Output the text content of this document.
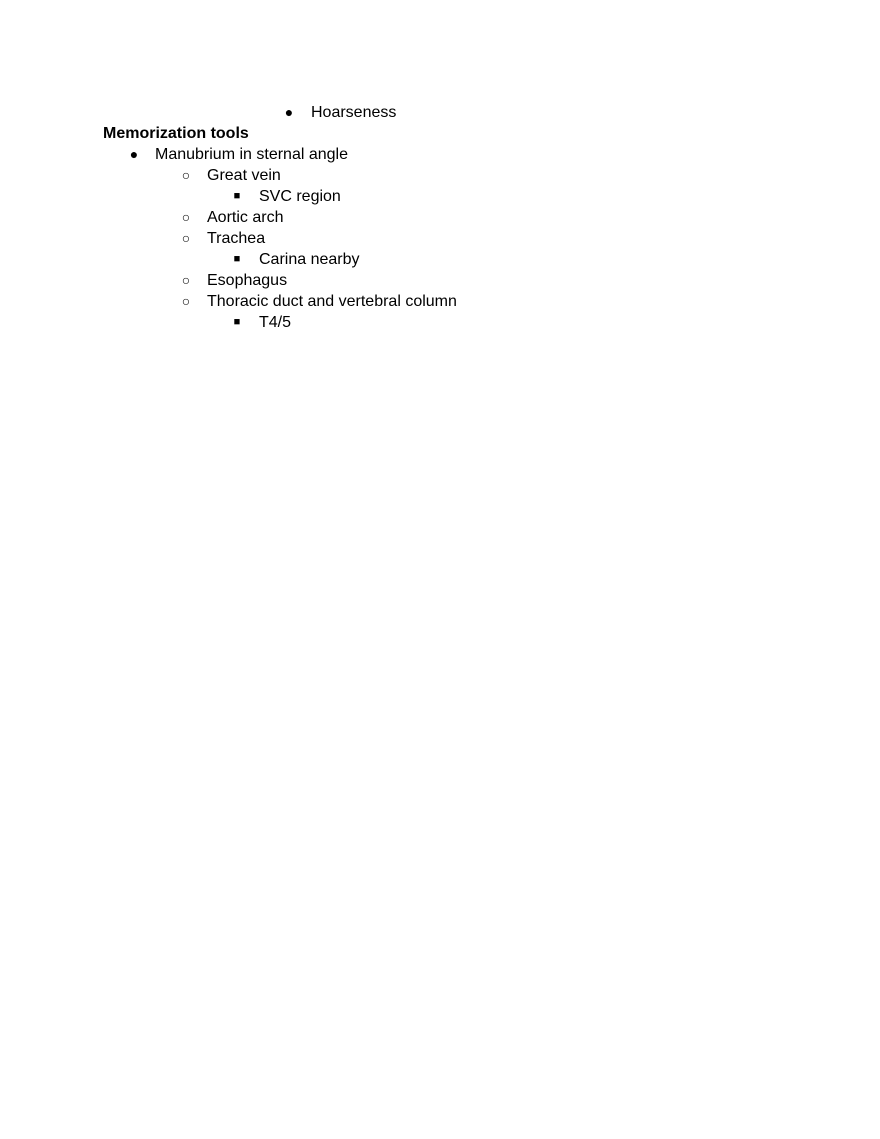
● Hoarseness
Memorization tools
● Manubrium in sternal angle
○ Great vein
■ SVC region
○ Aortic arch
○ Trachea
■ Carina nearby
○ Esophagus
○ Thoracic duct and vertebral column
■ T4/5
